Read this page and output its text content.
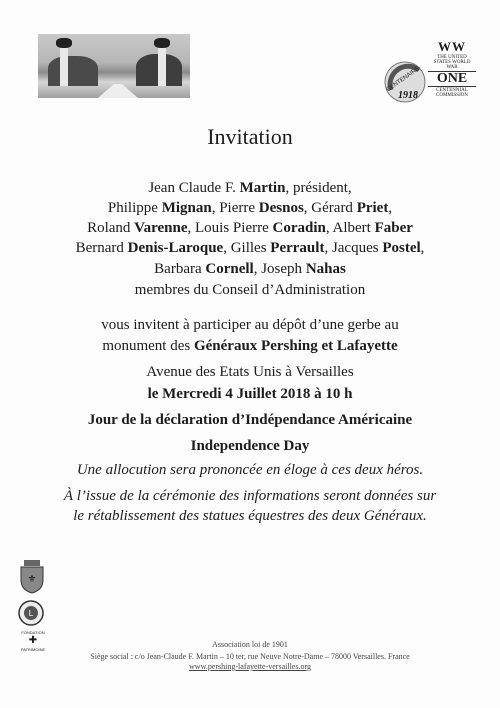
CENTENAIRE
1918
WW
THE UNITED STATES WORLD WAR
ONE
CENTENNIAL COMMISSION
Invitation
Jean Claude F. Martin, président,
Philippe Mignan, Pierre Desnos, Gérard Priet,
Roland Varenne, Louis Pierre Coradin, Albert Faber
Bernard Denis-Laroque, Gilles Perrault, Jacques Postel,
Barbara Cornell, Joseph Nahas
membres du Conseil d’Administration
vous invitent à participer au dépôt d’une gerbe au
monument des Généraux Pershing et Lafayette
Avenue des Etats Unis à Versailles
le Mercredi 4 Juillet 2018 à 10 h
Jour de la déclaration d’Indépendance Américaine
Independence Day
Une allocution sera prononcée en éloge à ces deux héros.
À l’issue de la cérémonie des informations seront données sur
le rétablissement des statues équestres des deux Généraux.
⚜
L
FONDATION
✚
PATRIMOINE
Association loi de 1901
Siège social : c/o Jean-Claude F. Martin – 10 ter, rue Neuve Notre-Dame – 78000 Versailles. France
www.pershing-lafayette-versailles.org
